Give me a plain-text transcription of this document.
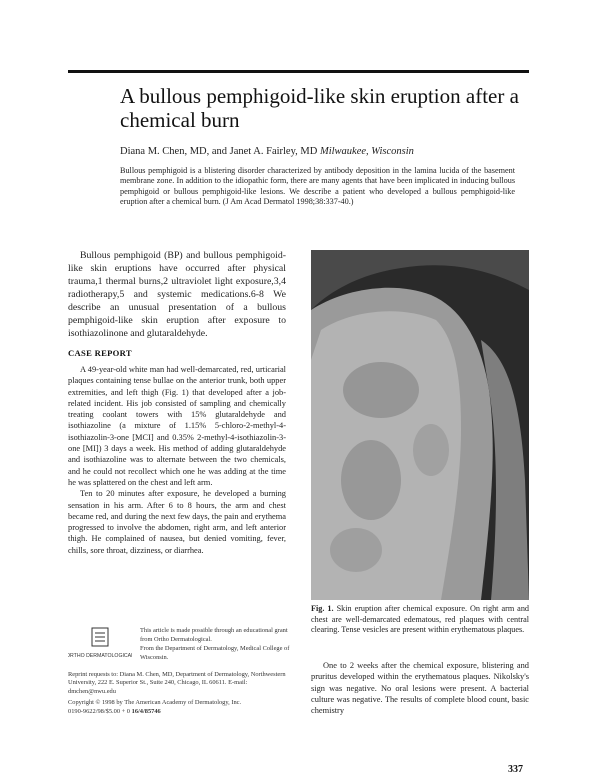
A bullous pemphigoid-like skin eruption after a chemical burn
Diana M. Chen, MD, and Janet A. Fairley, MD Milwaukee, Wisconsin

Bullous pemphigoid is a blistering disorder characterized by antibody deposition in the lamina lucida of the basement membrane zone. In addition to the idiopathic form, there are many agents that have been implicated in inducing bullous pemphigoid or bullous pemphigoid-like lesions. We describe a patient who developed a bullous pemphigoid-like eruption after a chemical burn. (J Am Acad Dermatol 1998;38:337-40.)

Bullous pemphigoid (BP) and bullous pemphigoid-like skin eruptions have occurred after physical trauma,1 thermal burns,2 ultraviolet light exposure,3,4 radiotherapy,5 and systemic medications.6-8 We describe an unusual presentation of a bullous pemphigoid-like skin eruption after exposure to isothiazolinone and glutaraldehyde.

CASE REPORT

A 49-year-old white man had well-demarcated, red, urticarial plaques containing tense bullae on the anterior trunk, both upper extremities, and left thigh (Fig. 1) that developed after a job-related incident. His job consisted of sampling and chemically treating coolant towers with 15% glutaraldehyde and isothiazoline (a mixture of 1.15% 5-chloro-2-methyl-4-isothiazolin-3-one [MCI] and 0.35% 2-methyl-4-isothiazolin-3-one [MI]) 3 days a week. His method of adding glutaraldehyde and isothiazoline was to alternate between the two chemicals, and he could not recollect which one he was adding at the time he was splattered on the chest and left arm.

Ten to 20 minutes after exposure, he developed a burning sensation in his arm. After 6 to 8 hours, the arm and chest became red, and during the next few days, the pain and erythema progressed to involve the abdomen, right arm, and left anterior thigh. He complained of nausea, but denied vomiting, fever, chills, sore throat, dizziness, or diarrhea.

Fig. 1. Skin eruption after chemical exposure. On right arm and chest are well-demarcated edematous, red plaques with central clearing. Tense vesicles are present within erythematous plaques.

ORTHO DERMATOLOGICAL

This article is made possible through an educational grant from Ortho Dermatological.

From the Department of Dermatology, Medical College of Wisconsin.

Reprint requests to: Diana M. Chen, MD, Department of Dermatology, Northwestern University, 222 E. Superior St., Suite 240, Chicago, IL 60611. E-mail: dmchen@nwu.edu

Copyright © 1998 by The American Academy of Dermatology, Inc.
0190-9622/98/$5.00 + 0 16/4/85746

One to 2 weeks after the chemical exposure, blistering and pruritus developed within the erythematous plaques. Nikolsky's sign was negative. No oral lesions were present. A bacterial culture was negative. The results of complete blood count, basic chemistry

337
